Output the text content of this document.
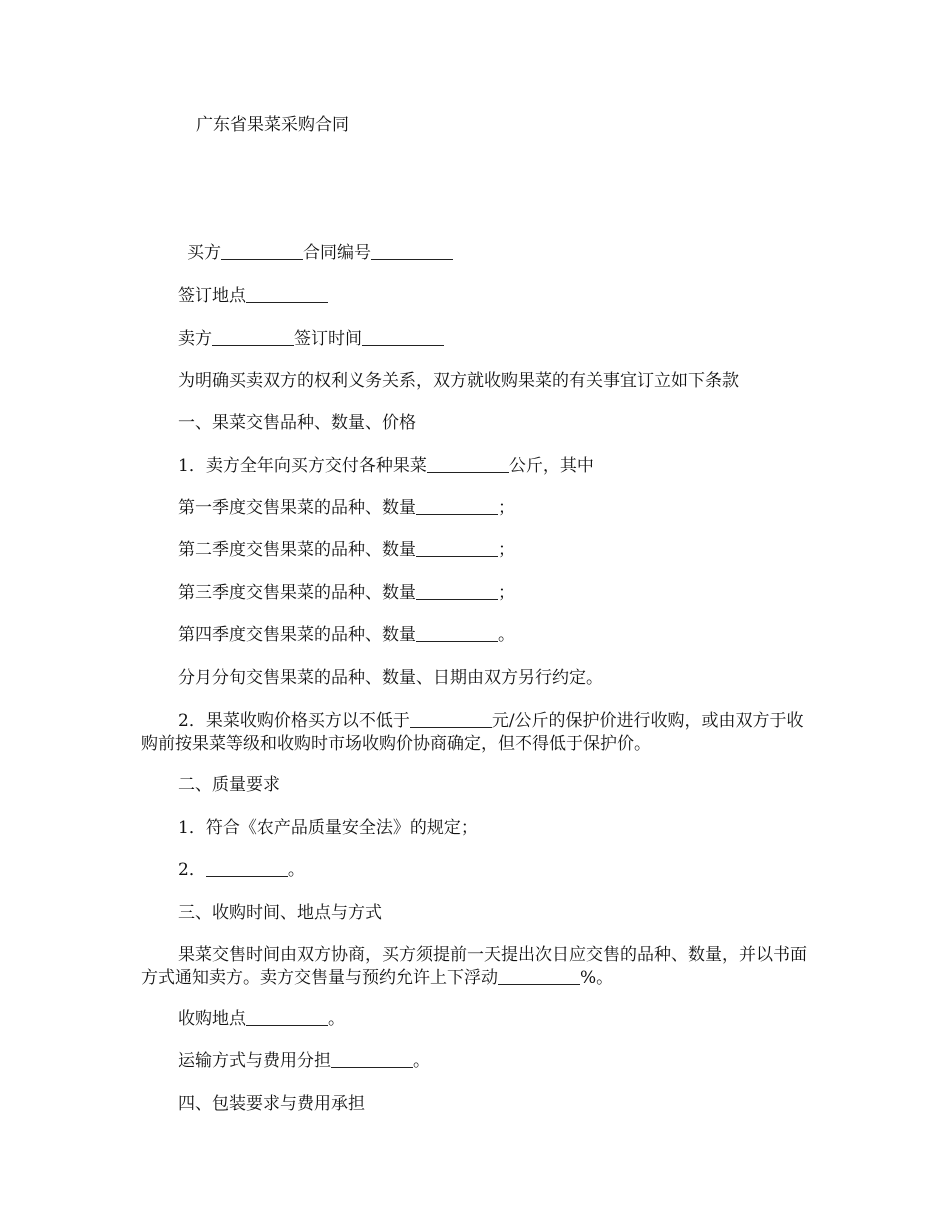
广东省果菜采购合同
买方	合同编号
签订地点
卖方	签订时间
为明确买卖双方的权利义务关系，双方就收购果菜的有关事宜订立如下条款
一、果菜交售品种、数量、价格
1．卖方全年向买方交付各种果菜	公斤，其中
第一季度交售果菜的品种、数量	；
第二季度交售果菜的品种、数量	；
第三季度交售果菜的品种、数量	；
第四季度交售果菜的品种、数量	。
分月分旬交售果菜的品种、数量、日期由双方另行约定。
2．果菜收购价格买方以不低于	元/公斤的保护价进行收购，或由双方于收购前按果菜等级和收购时市场收购价协商确定，但不得低于保护价。
二、质量要求
1．符合《农产品质量安全法》的规定；
2．	。
三、收购时间、地点与方式
果菜交售时间由双方协商，买方须提前一天提出次日应交售的品种、数量，并以书面方式通知卖方。卖方交售量与预约允许上下浮动	%。
收购地点	。
运输方式与费用分担	。
四、包装要求与费用承担
